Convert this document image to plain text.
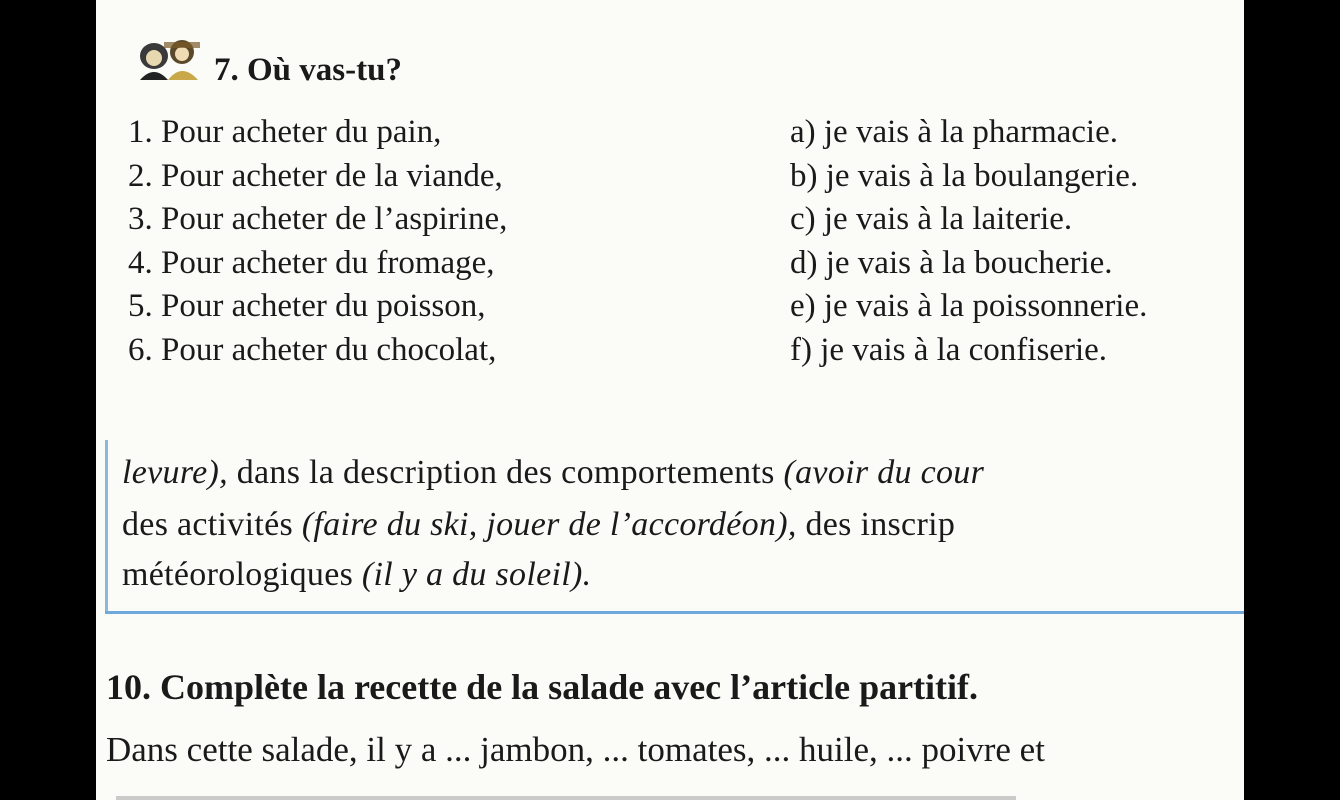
7. Où vas-tu?
1. Pour acheter du pain,
2. Pour acheter de la viande,
3. Pour acheter de l’aspirine,
4. Pour acheter du fromage,
5. Pour acheter du poisson,
6. Pour acheter du chocolat,
a) je vais à la pharmacie.
b) je vais à la boulangerie.
c) je vais à la laiterie.
d) je vais à la boucherie.
e) je vais à la poissonnerie.
f) je vais à la confiserie.
levure), dans la description des comportements (avoir du cour
des activités (faire du ski, jouer de l’accordéon), des inscrip
météorologiques (il y a du soleil).
10. Complète la recette de la salade avec l’article partitif.
Dans cette salade, il y a ... jambon, ... tomates, ... huile, ... poivre et
